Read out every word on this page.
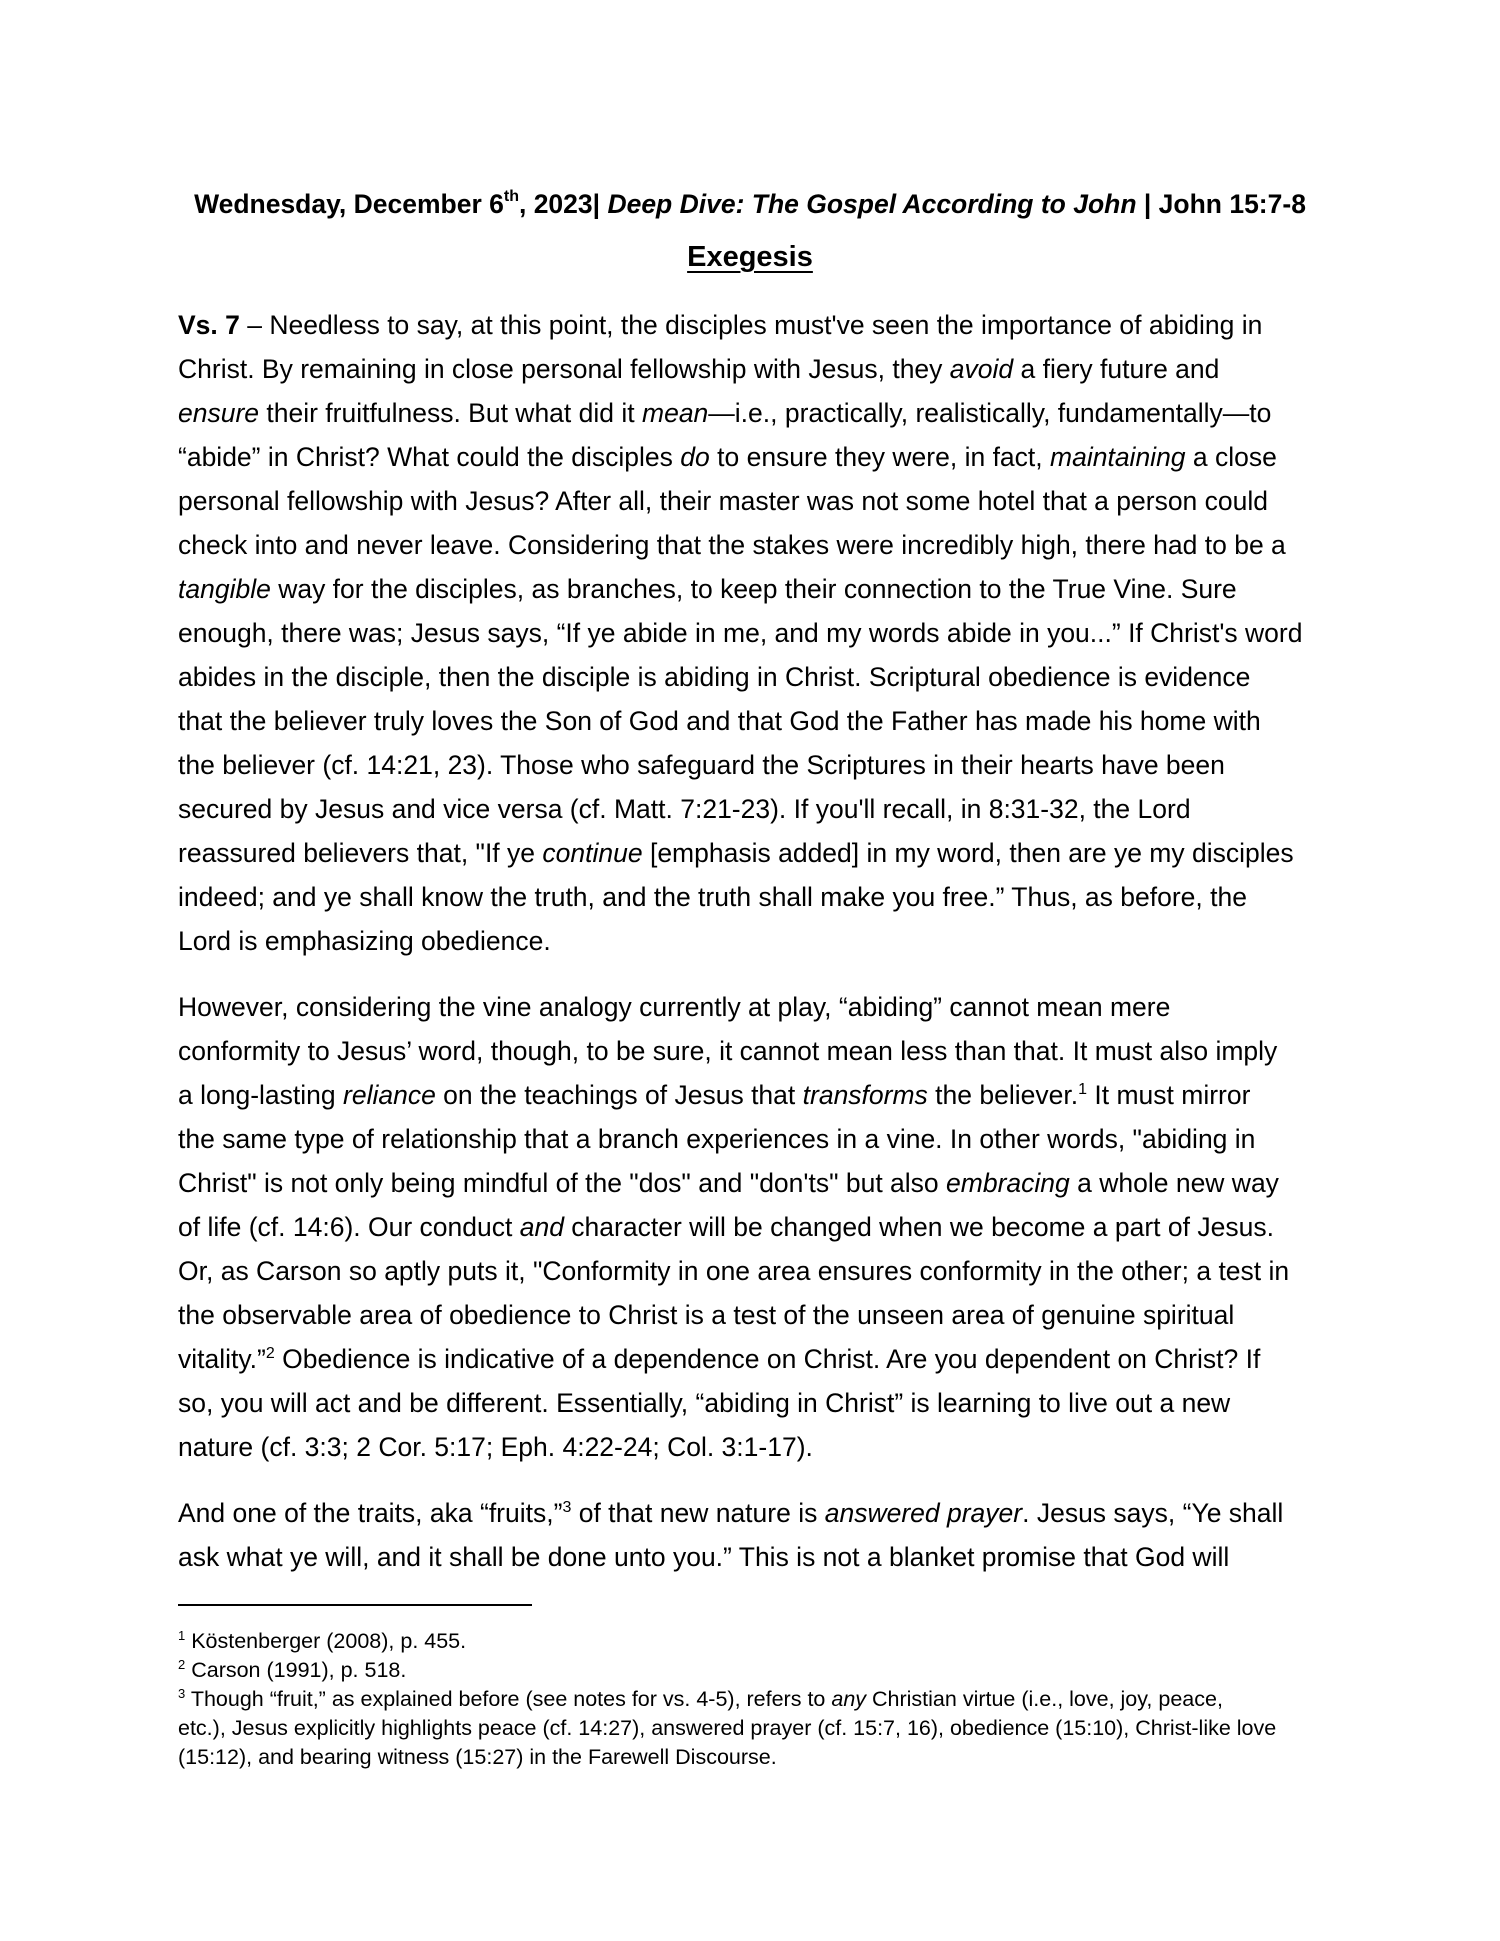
Wednesday, December 6th, 2023| Deep Dive: The Gospel According to John | John 15:7-8
Exegesis
Vs. 7 – Needless to say, at this point, the disciples must've seen the importance of abiding in
Christ. By remaining in close personal fellowship with Jesus, they avoid a fiery future and
ensure their fruitfulness. But what did it mean—i.e., practically, realistically, fundamentally—to
“abide” in Christ? What could the disciples do to ensure they were, in fact, maintaining a close
personal fellowship with Jesus? After all, their master was not some hotel that a person could
check into and never leave. Considering that the stakes were incredibly high, there had to be a
tangible way for the disciples, as branches, to keep their connection to the True Vine. Sure
enough, there was; Jesus says, “If ye abide in me, and my words abide in you...” If Christ's word
abides in the disciple, then the disciple is abiding in Christ. Scriptural obedience is evidence
that the believer truly loves the Son of God and that God the Father has made his home with
the believer (cf. 14:21, 23). Those who safeguard the Scriptures in their hearts have been
secured by Jesus and vice versa (cf. Matt. 7:21-23). If you'll recall, in 8:31-32, the Lord
reassured believers that, "If ye continue [emphasis added] in my word, then are ye my disciples
indeed; and ye shall know the truth, and the truth shall make you free.” Thus, as before, the
Lord is emphasizing obedience.
However, considering the vine analogy currently at play, “abiding” cannot mean mere
conformity to Jesus’ word, though, to be sure, it cannot mean less than that. It must also imply
a long-lasting reliance on the teachings of Jesus that transforms the believer.$^1$ It must mirror
the same type of relationship that a branch experiences in a vine. In other words, "abiding in
Christ" is not only being mindful of the "dos" and "don'ts" but also embracing a whole new way
of life (cf. 14:6). Our conduct and character will be changed when we become a part of Jesus.
Or, as Carson so aptly puts it, "Conformity in one area ensures conformity in the other; a test in
the observable area of obedience to Christ is a test of the unseen area of genuine spiritual
vitality.”$^2$ Obedience is indicative of a dependence on Christ. Are you dependent on Christ? If
so, you will act and be different. Essentially, “abiding in Christ” is learning to live out a new
nature (cf. 3:3; 2 Cor. 5:17; Eph. 4:22-24; Col. 3:1-17).
And one of the traits, aka “fruits,”$^3$ of that new nature is answered prayer. Jesus says, “Ye shall
ask what ye will, and it shall be done unto you.” This is not a blanket promise that God will
$^1$ Köstenberger (2008), p. 455.
$^2$ Carson (1991), p. 518.
$^3$ Though “fruit,” as explained before (see notes for vs. 4-5), refers to any Christian virtue (i.e., love, joy, peace,
etc.), Jesus explicitly highlights peace (cf. 14:27), answered prayer (cf. 15:7, 16), obedience (15:10), Christ-like love
(15:12), and bearing witness (15:27) in the Farewell Discourse.
